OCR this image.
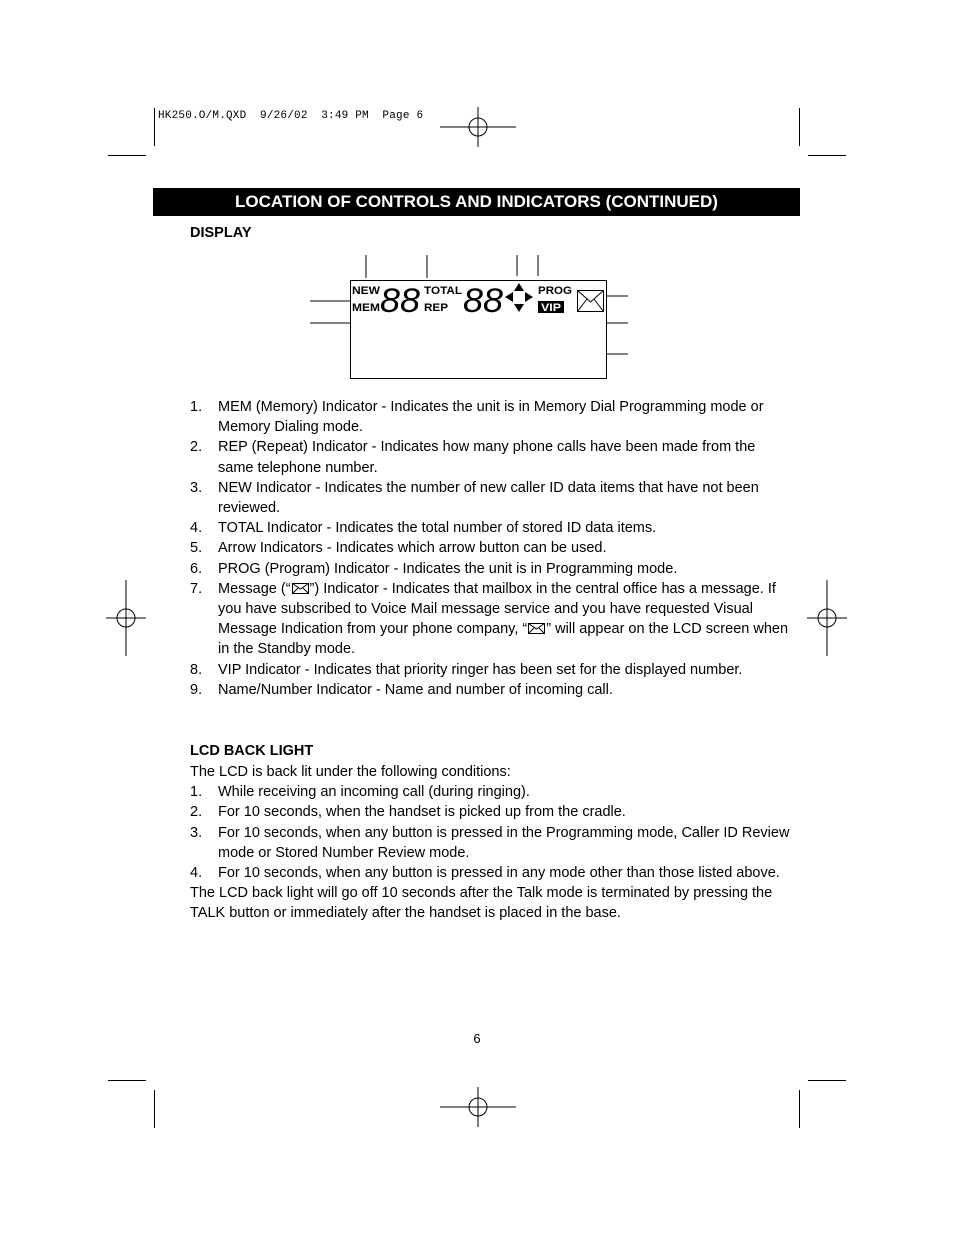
HK250.O/M.QXD  9/26/02  3:49 PM  Page 6
LOCATION OF CONTROLS AND INDICATORS (CONTINUED)
DISPLAY
NEW
MEM
TOTAL
REP
PROG
88 88	VIP
1. MEM (Memory) Indicator - Indicates the unit is in Memory Dial Programming mode or Memory Dialing mode.
2. REP (Repeat) Indicator - Indicates how many phone calls have been made from the same telephone number.
3. NEW Indicator - Indicates the number of new caller ID data items that have not been reviewed.
4. TOTAL Indicator - Indicates the total number of stored ID data items.
5. Arrow Indicators - Indicates which arrow button can be used.
6. PROG (Program) Indicator - Indicates the unit is in Programming mode.
7. Message (“ ”) Indicator - Indicates that mailbox in the central office has a message. If you have subscribed to Voice Mail message service and you have requested Visual Message Indication from your phone company, “ ” will appear on the LCD screen when in the Standby mode.
8. VIP Indicator - Indicates that priority ringer has been set for the displayed number.
9. Name/Number Indicator - Name and number of incoming call.
LCD BACK LIGHT

The LCD is back lit under the following conditions:

1. While receiving an incoming call (during ringing).
2. For 10 seconds, when the handset is picked up from the cradle.
3. For 10 seconds, when any button is pressed in the Programming mode, Caller ID Review mode or Stored Number Review mode.
4. For 10 seconds, when any button is pressed in any mode other than those listed above.

The LCD back light will go off 10 seconds after the Talk mode is terminated by pressing the TALK button or immediately after the handset is placed in the base.

6
